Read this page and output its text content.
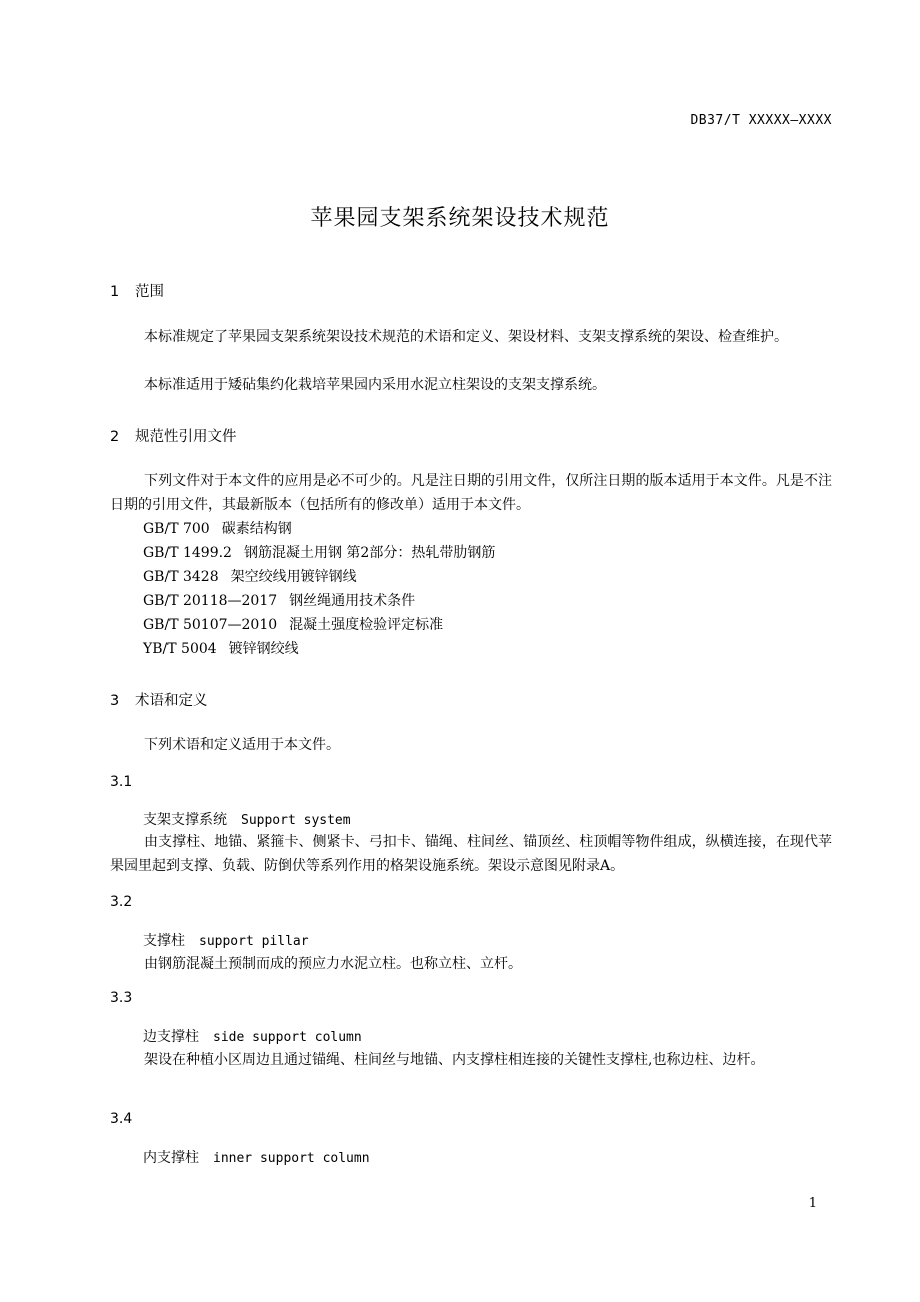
DB37/T XXXXX—XXXX
苹果园支架系统架设技术规范
1 范围
本标准规定了苹果园支架系统架设技术规范的术语和定义、架设材料、支架支撑系统的架设、检查维护。
本标准适用于矮砧集约化栽培苹果园内采用水泥立柱架设的支架支撑系统。
2 规范性引用文件
下列文件对于本文件的应用是必不可少的。凡是注日期的引用文件，仅所注日期的版本适用于本文件。凡是不注日期的引用文件，其最新版本（包括所有的修改单）适用于本文件。
GB/T 700 碳素结构钢
GB/T 1499.2 钢筋混凝土用钢 第2部分：热轧带肋钢筋
GB/T 3428 架空绞线用镀锌钢线
GB/T 20118—2017 钢丝绳通用技术条件
GB/T 50107—2010 混凝土强度检验评定标准
YB/T 5004 镀锌钢绞线
3 术语和定义
下列术语和定义适用于本文件。
3.1
支架支撑系统 Support system
由支撑柱、地锚、紧箍卡、侧紧卡、弓扣卡、锚绳、柱间丝、锚顶丝、柱顶帽等物件组成，纵横连接，在现代苹果园里起到支撑、负载、防倒伏等系列作用的格架设施系统。架设示意图见附录A。
3.2
支撑柱 support pillar
由钢筋混凝土预制而成的预应力水泥立柱。也称立柱、立杆。
3.3
边支撑柱 side support column
架设在种植小区周边且通过锚绳、柱间丝与地锚、内支撑柱相连接的关键性支撑柱,也称边柱、边杆。
3.4
内支撑柱 inner support column
1
